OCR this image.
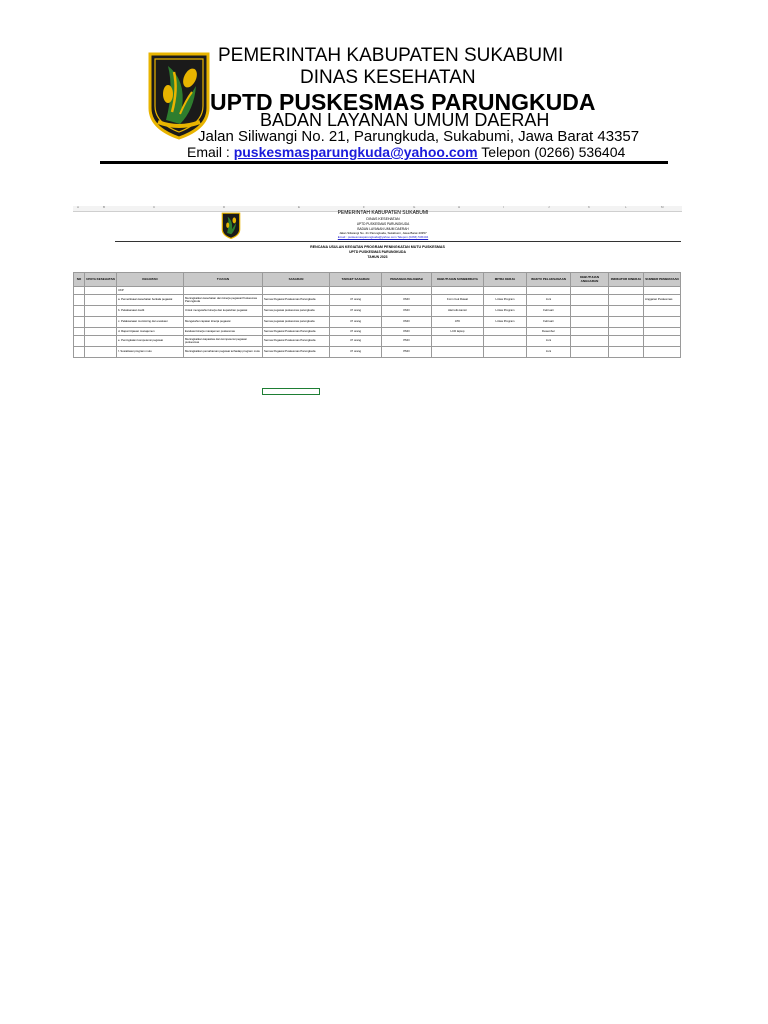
PEMERINTAH KABUPATEN SUKABUMI
DINAS KESEHATAN
UPTD PUSKESMAS PARUNGKUDA
BADAN LAYANAN UMUM DAERAH
Jalan Siliwangi No. 21, Parungkuda, Sukabumi, Jawa Barat 43357
Email : puskesmasparungkuda@yahoo.com Telepon (0266) 536404
A	B	C	D	E	F	G	H	I	J	K	L	M
PEMERINTAH KABUPATEN SUKABUMI
DINAS KESEHATAN
UPTD PUSKESMAS PARUNGKUDA
BADAN LAYANAN UMUM DAERAH
Jalan Siliwangi No. 21 Parungkuda, Sukabumi, Jawa Barat 43357
Email : puskesmasparungkuda@yahoo.com Telepon (0266) 536404
RENCANA USULAN KEGIATAN PROGRAM PENINGKATAN MUTU PUSKESMAS
UPTD PUSKESMAS PARUNGKUDA
TAHUN 2023
NO	UPAYA KESEHATAN	KEGIATAN	TUJUAN	SASARAN	TARGET SASARAN	PENANGGUNGJAWAB	KEBUTUHAN SUMBERDAYA	MITRA KERJA	WAKTU PELAKSANAAN	KEBUTUHAN ANGGARAN	INDIKATOR KINERJA	SUMBER PEMBIAYAAN
		UKP										
		a. Pemeriksaan kesehatan berkala pegawai	Meningkatkan kesehatan dan kinerja pegawai Puskesmas Parungkuda	Semua Pegawai Puskesmas Parungkuda	47 orang	KMO	Form Cek Rawat	Lintas Program	Juni			Anggaran Puskesmas
		b. Pelaksanaan Audit	Untuk mengetahui kinerja dan kepatuhan pegawai	Semua pegawai puskesmas parungkuda	47 orang	KMO	Alat tulis kantor	Lintas Program	Februari			
		c. Pelaksanaan monitoring dan evaluasi	Mengetahui capaian kinerja pegawai	Semua pegawai puskesmas parungkuda	47 orang	KMO	ATK	Lintas Program	Februari			
		d. Rapat tinjauan manajemen	Evaluasi kinerja manajemen puskesmas	Semua Pegawai Puskesmas Parungkuda	47 orang	KMO	LCD laptop		Desember			
		e. Peningkatan kompetensi pegawai	Meningkatkan kapasitas dan kompetensi pegawai puskesmas	Semua Pegawai Puskesmas Parungkuda	47 orang	PMO			Juni			
		f. Sosialisasi program mutu	Meningkatkan pemahaman pegawai terhadap program mutu	Semua Pegawai Puskesmas Parungkuda	47 orang	PMO			Juni			
